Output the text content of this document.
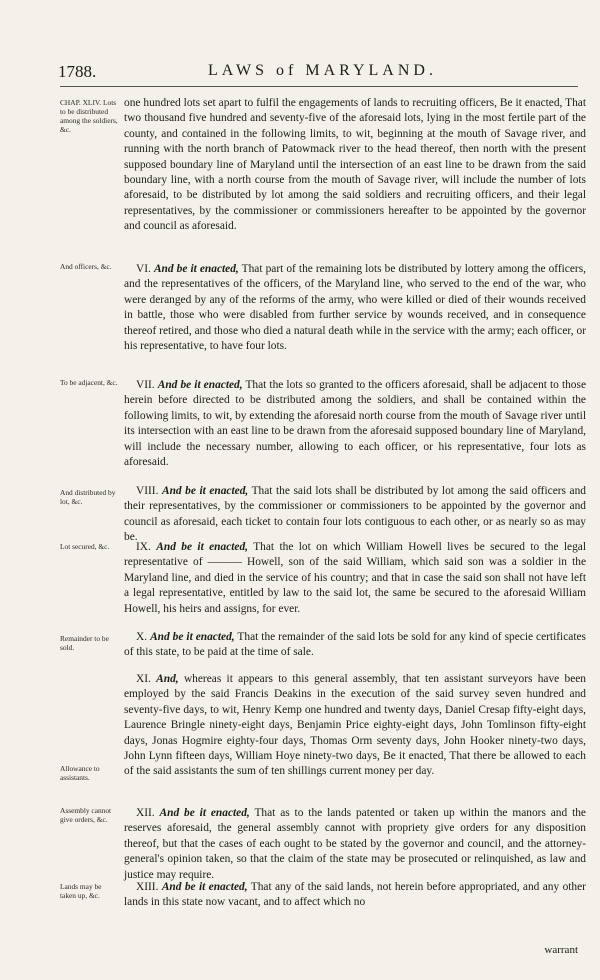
1788.	LAWS of MARYLAND.
CHAP. XLIV. Lots to be distributed among the soldiers, &c.
And officers, &c.
To be adjacent, &c.
And distributed by lot, &c.
Lot secured, &c.
Remainder to be sold.
Allowance to assistants.
Assembly cannot give orders, &c.
Lands may be taken up, &c.
one hundred lots set apart to fulfil the engagements of lands to recruiting officers, Be it enacted, That two thousand five hundred and seventy-five of the aforesaid lots, lying in the most fertile part of the county, and contained in the following limits, to wit, beginning at the mouth of Savage river, and running with the north branch of Patowmack river to the head thereof, then north with the present supposed boundary line of Maryland until the intersection of an east line to be drawn from the said boundary line, with a north course from the mouth of Savage river, will include the number of lots aforesaid, to be distributed by lot among the said soldiers and recruiting officers, and their legal representatives, by the commissioner or commissioners hereafter to be appointed by the governor and council as aforesaid.
VI. And be it enacted, That part of the remaining lots be distributed by lottery among the officers, and the representatives of the officers, of the Maryland line, who served to the end of the war, who were deranged by any of the reforms of the army, who were killed or died of their wounds received in battle, those who were disabled from further service by wounds received, and in consequence thereof retired, and those who died a natural death while in the service with the army; each officer, or his representative, to have four lots.
VII. And be it enacted, That the lots so granted to the officers aforesaid, shall be adjacent to those herein before directed to be distributed among the soldiers, and shall be contained within the following limits, to wit, by extending the aforesaid north course from the mouth of Savage river until its intersection with an east line to be drawn from the aforesaid supposed boundary line of Maryland, will include the necessary number, allowing to each officer, or his representative, four lots as aforesaid.
VIII. And be it enacted, That the said lots shall be distributed by lot among the said officers and their representatives, by the commissioner or commissioners to be appointed by the governor and council as aforesaid, each ticket to contain four lots contiguous to each other, or as nearly so as may be.
IX. And be it enacted, That the lot on which William Howell lives be secured to the legal representative of ——— Howell, son of the said William, which said son was a soldier in the Maryland line, and died in the service of his country; and that in case the said son shall not have left a legal representative, entitled by law to the said lot, the same be secured to the aforesaid William Howell, his heirs and assigns, for ever.
X. And be it enacted, That the remainder of the said lots be sold for any kind of specie certificates of this state, to be paid at the time of sale.
XI. And, whereas it appears to this general assembly, that ten assistant surveyors have been employed by the said Francis Deakins in the execution of the said survey seven hundred and seventy-five days, to wit, Henry Kemp one hundred and twenty days, Daniel Cresap fifty-eight days, Laurence Bringle ninety-eight days, Benjamin Price eighty-eight days, John Tomlinson fifty-eight days, Jonas Hogmire eighty-four days, Thomas Orm seventy days, John Hooker ninety-two days, John Lynn fifteen days, William Hoye ninety-two days, Be it enacted, That there be allowed to each of the said assistants the sum of ten shillings current money per day.
XII. And be it enacted, That as to the lands patented or taken up within the manors and the reserves aforesaid, the general assembly cannot with propriety give orders for any disposition thereof, but that the cases of each ought to be stated by the governor and council, and the attorney-general's opinion taken, so that the claim of the state may be prosecuted or relinquished, as law and justice may require.
XIII. And be it enacted, That any of the said lands, not herein before appropriated, and any other lands in this state now vacant, and to affect which no
warrant
